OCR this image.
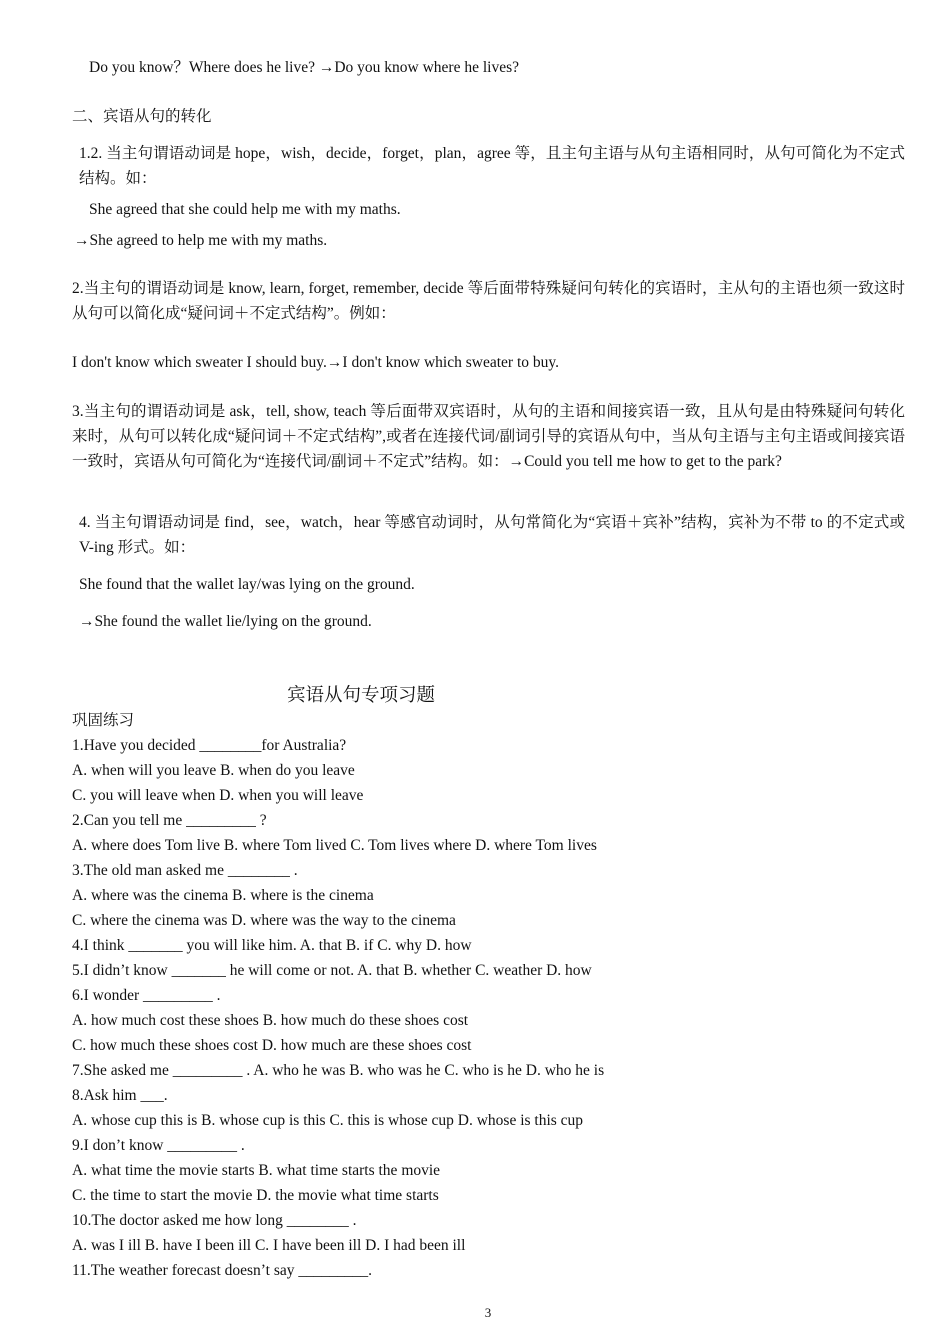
Do you know？Where does he live? →Do you know where he lives?
二、宾语从句的转化
1.2. 当主句谓语动词是 hope，wish，decide，forget，plan，agree 等，且主句主语与从句主语相同时，从句可简化为不定式结构。如：
She agreed that she could help me with my maths.
→She agreed to help me with my maths.
2.当主句的谓语动词是 know, learn, forget, remember, decide 等后面带特殊疑问句转化的宾语时，主从句的主语也须一致这时从句可以简化成“疑问词＋不定式结构”。例如：
I don't know which sweater I should buy.→I don't know which sweater to buy.
3.当主句的谓语动词是 ask，tell, show, teach 等后面带双宾语时，从句的主语和间接宾语一致，且从句是由特殊疑问句转化来时，从句可以转化成“疑问词＋不定式结构”,或者在连接代词/副词引导的宾语从句中，当从句主语与主句主语或间接宾语一致时，宾语从句可简化为“连接代词/副词＋不定式”结构。如：→Could you tell me how to get to the park?
4. 当主句谓语动词是 find，see，watch，hear 等感官动词时，从句常简化为“宾语＋宾补”结构，宾补为不带 to 的不定式或 V-ing 形式。如：
She found that the wallet lay/was lying on the ground.
→She found the wallet lie/lying on the ground.
宾语从句专项习题
巩固练习
1.Have you decided ________for Australia?
A. when will you leave B. when do you leave
C. you will leave when D. when you will leave
2.Can you tell me _________ ?
A. where does Tom live B. where Tom lived C. Tom lives where D. where Tom lives
3.The old man asked me ________ .
A. where was the cinema B. where is the cinema
C. where the cinema was D. where was the way to the cinema
4.I think _______ you will like him. A. that B. if C. why D. how
5.I didn’t know _______ he will come or not. A. that B. whether C. weather D. how
6.I wonder _________ .
A. how much cost these shoes B. how much do these shoes cost
C. how much these shoes cost D. how much are these shoes cost
7.She asked me _________ . A. who he was B. who was he C. who is he D. who he is
8.Ask him ___.
A. whose cup this is B. whose cup is this C. this is whose cup D. whose is this cup
9.I don’t know _________ .
A. what time the movie starts B. what time starts the movie
C. the time to start the movie D. the movie what time starts
10.The doctor asked me how long ________ .
A. was I ill B. have I been ill C. I have been ill D. I had been ill
11.The weather forecast doesn’t say _________.
3
